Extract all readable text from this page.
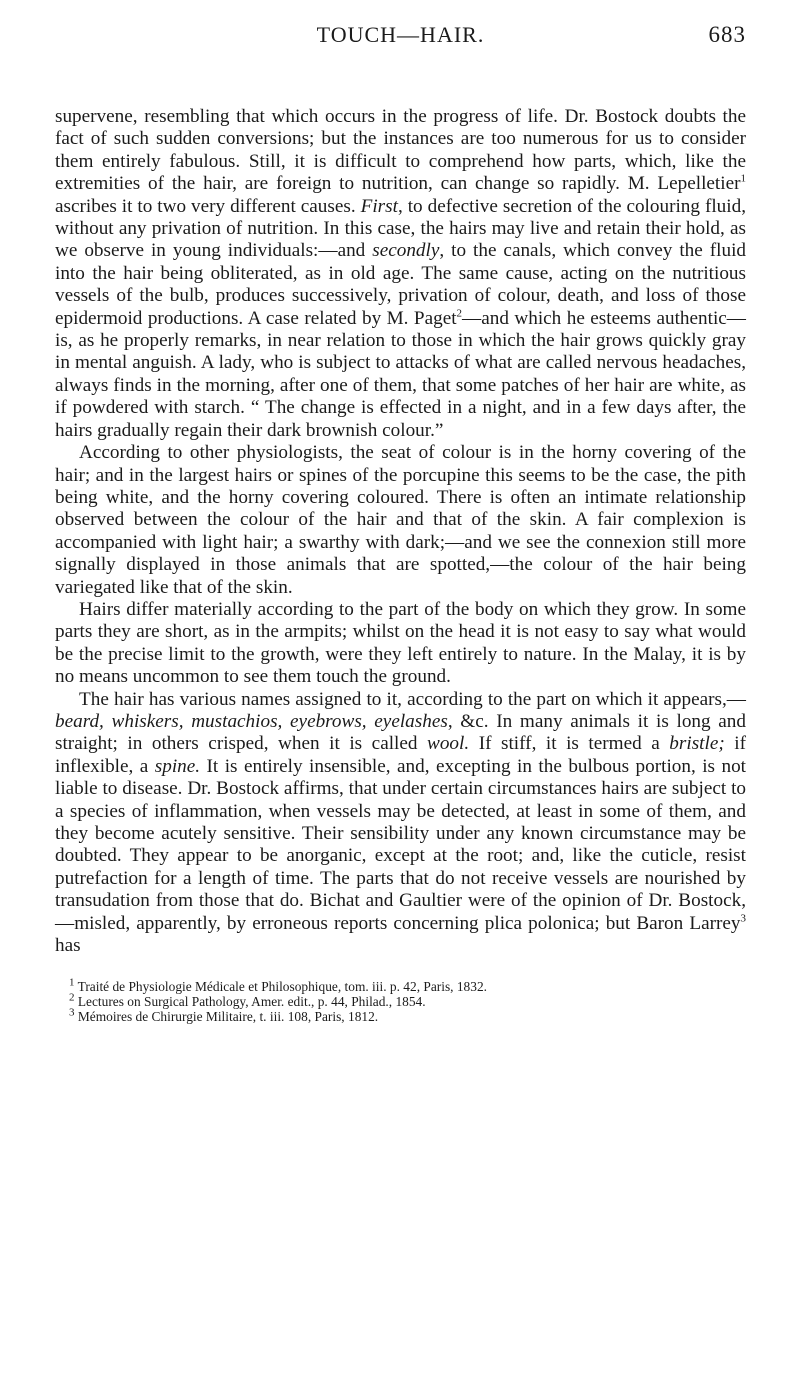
TOUCH—HAIR.	683

supervene, resembling that which occurs in the progress of life. Dr. Bostock doubts the fact of such sudden conversions; but the instances are too numerous for us to consider them entirely fabulous. Still, it is difficult to comprehend how parts, which, like the extremities of the hair, are foreign to nutrition, can change so rapidly. M. Lepelletier$^1$ ascribes it to two very different causes. First, to defective secretion of the colouring fluid, without any privation of nutrition. In this case, the hairs may live and retain their hold, as we observe in young individuals:—and secondly, to the canals, which convey the fluid into the hair being obliterated, as in old age. The same cause, acting on the nutritious vessels of the bulb, produces successively, privation of colour, death, and loss of those epidermoid productions. A case related by M. Paget$^2$—and which he esteems authentic—is, as he properly remarks, in near relation to those in which the hair grows quickly gray in mental anguish. A lady, who is subject to attacks of what are called nervous headaches, always finds in the morning, after one of them, that some patches of her hair are white, as if powdered with starch. “ The change is effected in a night, and in a few days after, the hairs gradually regain their dark brownish colour.”

According to other physiologists, the seat of colour is in the horny covering of the hair; and in the largest hairs or spines of the porcupine this seems to be the case, the pith being white, and the horny covering coloured. There is often an intimate relationship observed between the colour of the hair and that of the skin. A fair complexion is accompanied with light hair; a swarthy with dark;—and we see the connexion still more signally displayed in those animals that are spotted,—the colour of the hair being variegated like that of the skin.

Hairs differ materially according to the part of the body on which they grow. In some parts they are short, as in the armpits; whilst on the head it is not easy to say what would be the precise limit to the growth, were they left entirely to nature. In the Malay, it is by no means uncommon to see them touch the ground.

The hair has various names assigned to it, according to the part on which it appears,—beard, whiskers, mustachios, eyebrows, eyelashes, &c. In many animals it is long and straight; in others crisped, when it is called wool. If stiff, it is termed a bristle; if inflexible, a spine. It is entirely insensible, and, excepting in the bulbous portion, is not liable to disease. Dr. Bostock affirms, that under certain circumstances hairs are subject to a species of inflammation, when vessels may be detected, at least in some of them, and they become acutely sensitive. Their sensibility under any known circumstance may be doubted. They appear to be anorganic, except at the root; and, like the cuticle, resist putrefaction for a length of time. The parts that do not receive vessels are nourished by transudation from those that do. Bichat and Gaultier were of the opinion of Dr. Bostock,—misled, apparently, by erroneous reports concerning plica polonica; but Baron Larrey$^3$ has

$^1$ Traité de Physiologie Médicale et Philosophique, tom. iii. p. 42, Paris, 1832.

$^2$ Lectures on Surgical Pathology, Amer. edit., p. 44, Philad., 1854.

$^3$ Mémoires de Chirurgie Militaire, t. iii. 108, Paris, 1812.
